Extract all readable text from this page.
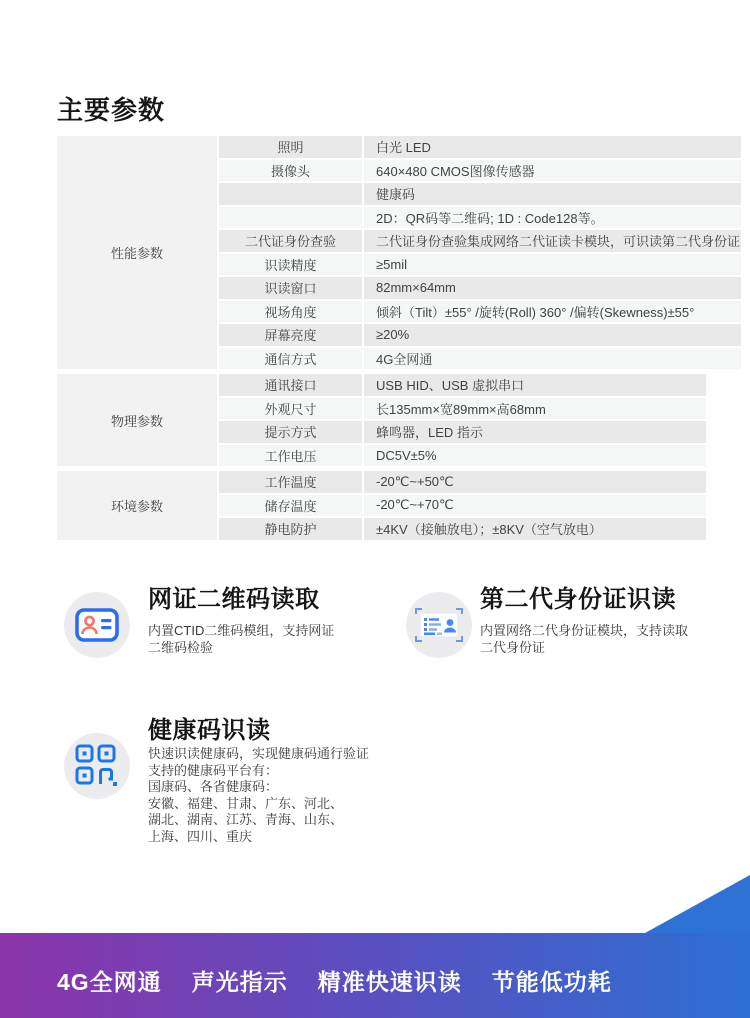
主要参数
性能参数	照明	白光 LED
	摄像头	640×480 CMOS图像传感器
		健康码
		2D：QR码等二维码; 1D : Code128等。
	二代证身份查验	二代证身份查验集成网络二代证读卡模块，可识读第二代身份证
	识读精度	≥5mil
	识读窗口	82mm×64mm
	视场角度	倾斜（Tilt）±55° /旋转(Roll) 360° /偏转(Skewness)±55°
	屏幕亮度	≥20%
	通信方式	4G全网通
物理参数	通讯接口	USB HID、USB 虚拟串口
	外观尺寸	长135mm×宽89mm×高68mm
	提示方式	蜂鸣器，LED 指示
	工作电压	DC5V±5%
环境参数	工作温度	-20℃~+50℃
	储存温度	-20℃~+70℃
	静电防护	±4KV（接触放电）；±8KV（空气放电）
网证二维码读取
内置CTID二维码模组，支持网证二维码检验
第二代身份证识读
内置网络二代身份证模块，支持读取二代身份证
健康码识读
快速识读健康码，实现健康码通行验证
支持的健康码平台有：
国康码、各省健康码：
安徽、福建、甘肃、广东、河北、
湖北、湖南、江苏、青海、山东、
上海、四川、重庆
4G全网通 声光指示 精准快速识读 节能低功耗
